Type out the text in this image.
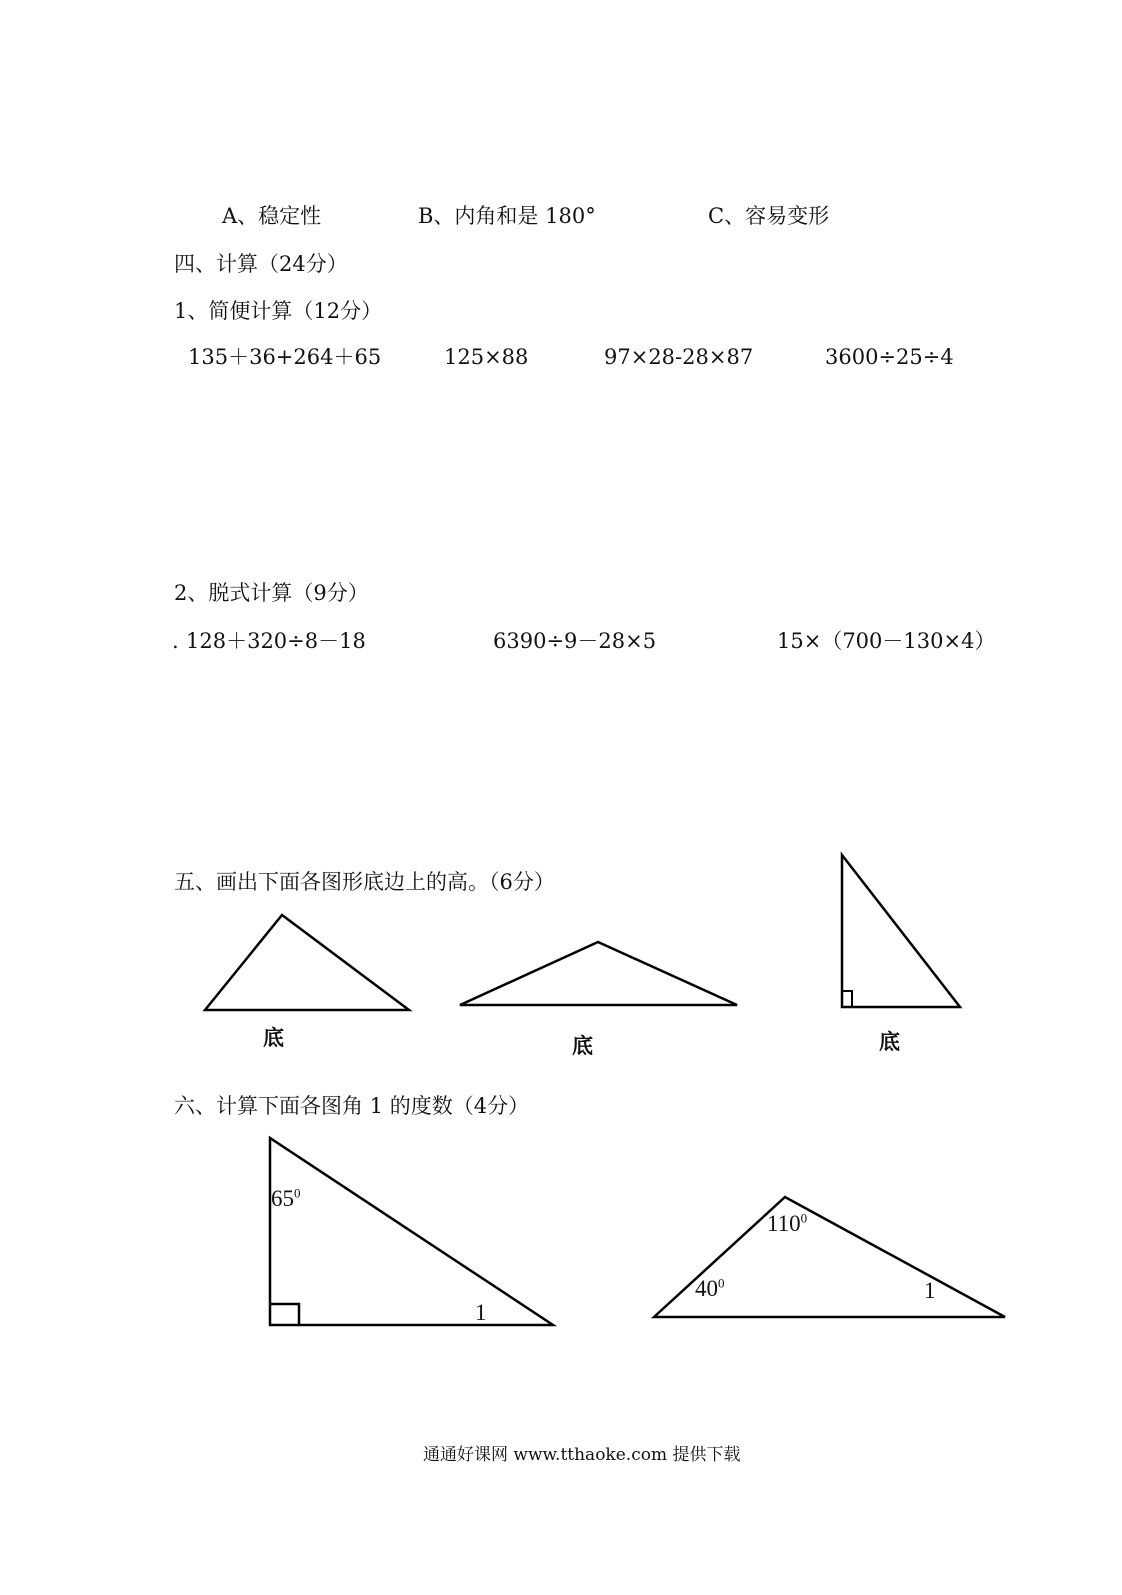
A、稳定性	B、内角和是 180°	C、容易变形
四、计算（24分）
1、简便计算（12分）
135＋36+264＋65	125×88	97×28-28×87	3600÷25÷4
2、脱式计算（9分）
. 128＋320÷8－18	6390÷9－28×5	15×（700－130×4）
五、画出下面各图形底边上的高。（6分）
底	底	底
六、计算下面各图角 1 的度数（4分）
$65^0$
1
$110^0$
$40^0$	1
通通好课网 www.tthaoke.com 提供下载
